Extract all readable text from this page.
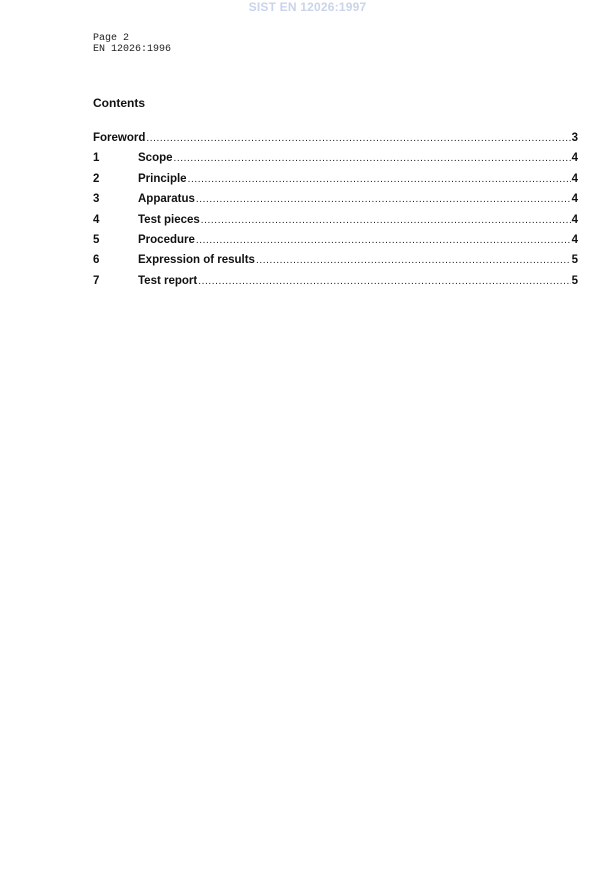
SIST EN 12026:1997
Page 2
EN 12026:1996
Contents
Foreword .....	3
1	Scope .....	4
2	Principle .....	4
3	Apparatus .....	4
4	Test pieces .....	4
5	Procedure .....	4
6	Expression of results .....	5
7	Test report .....	5
